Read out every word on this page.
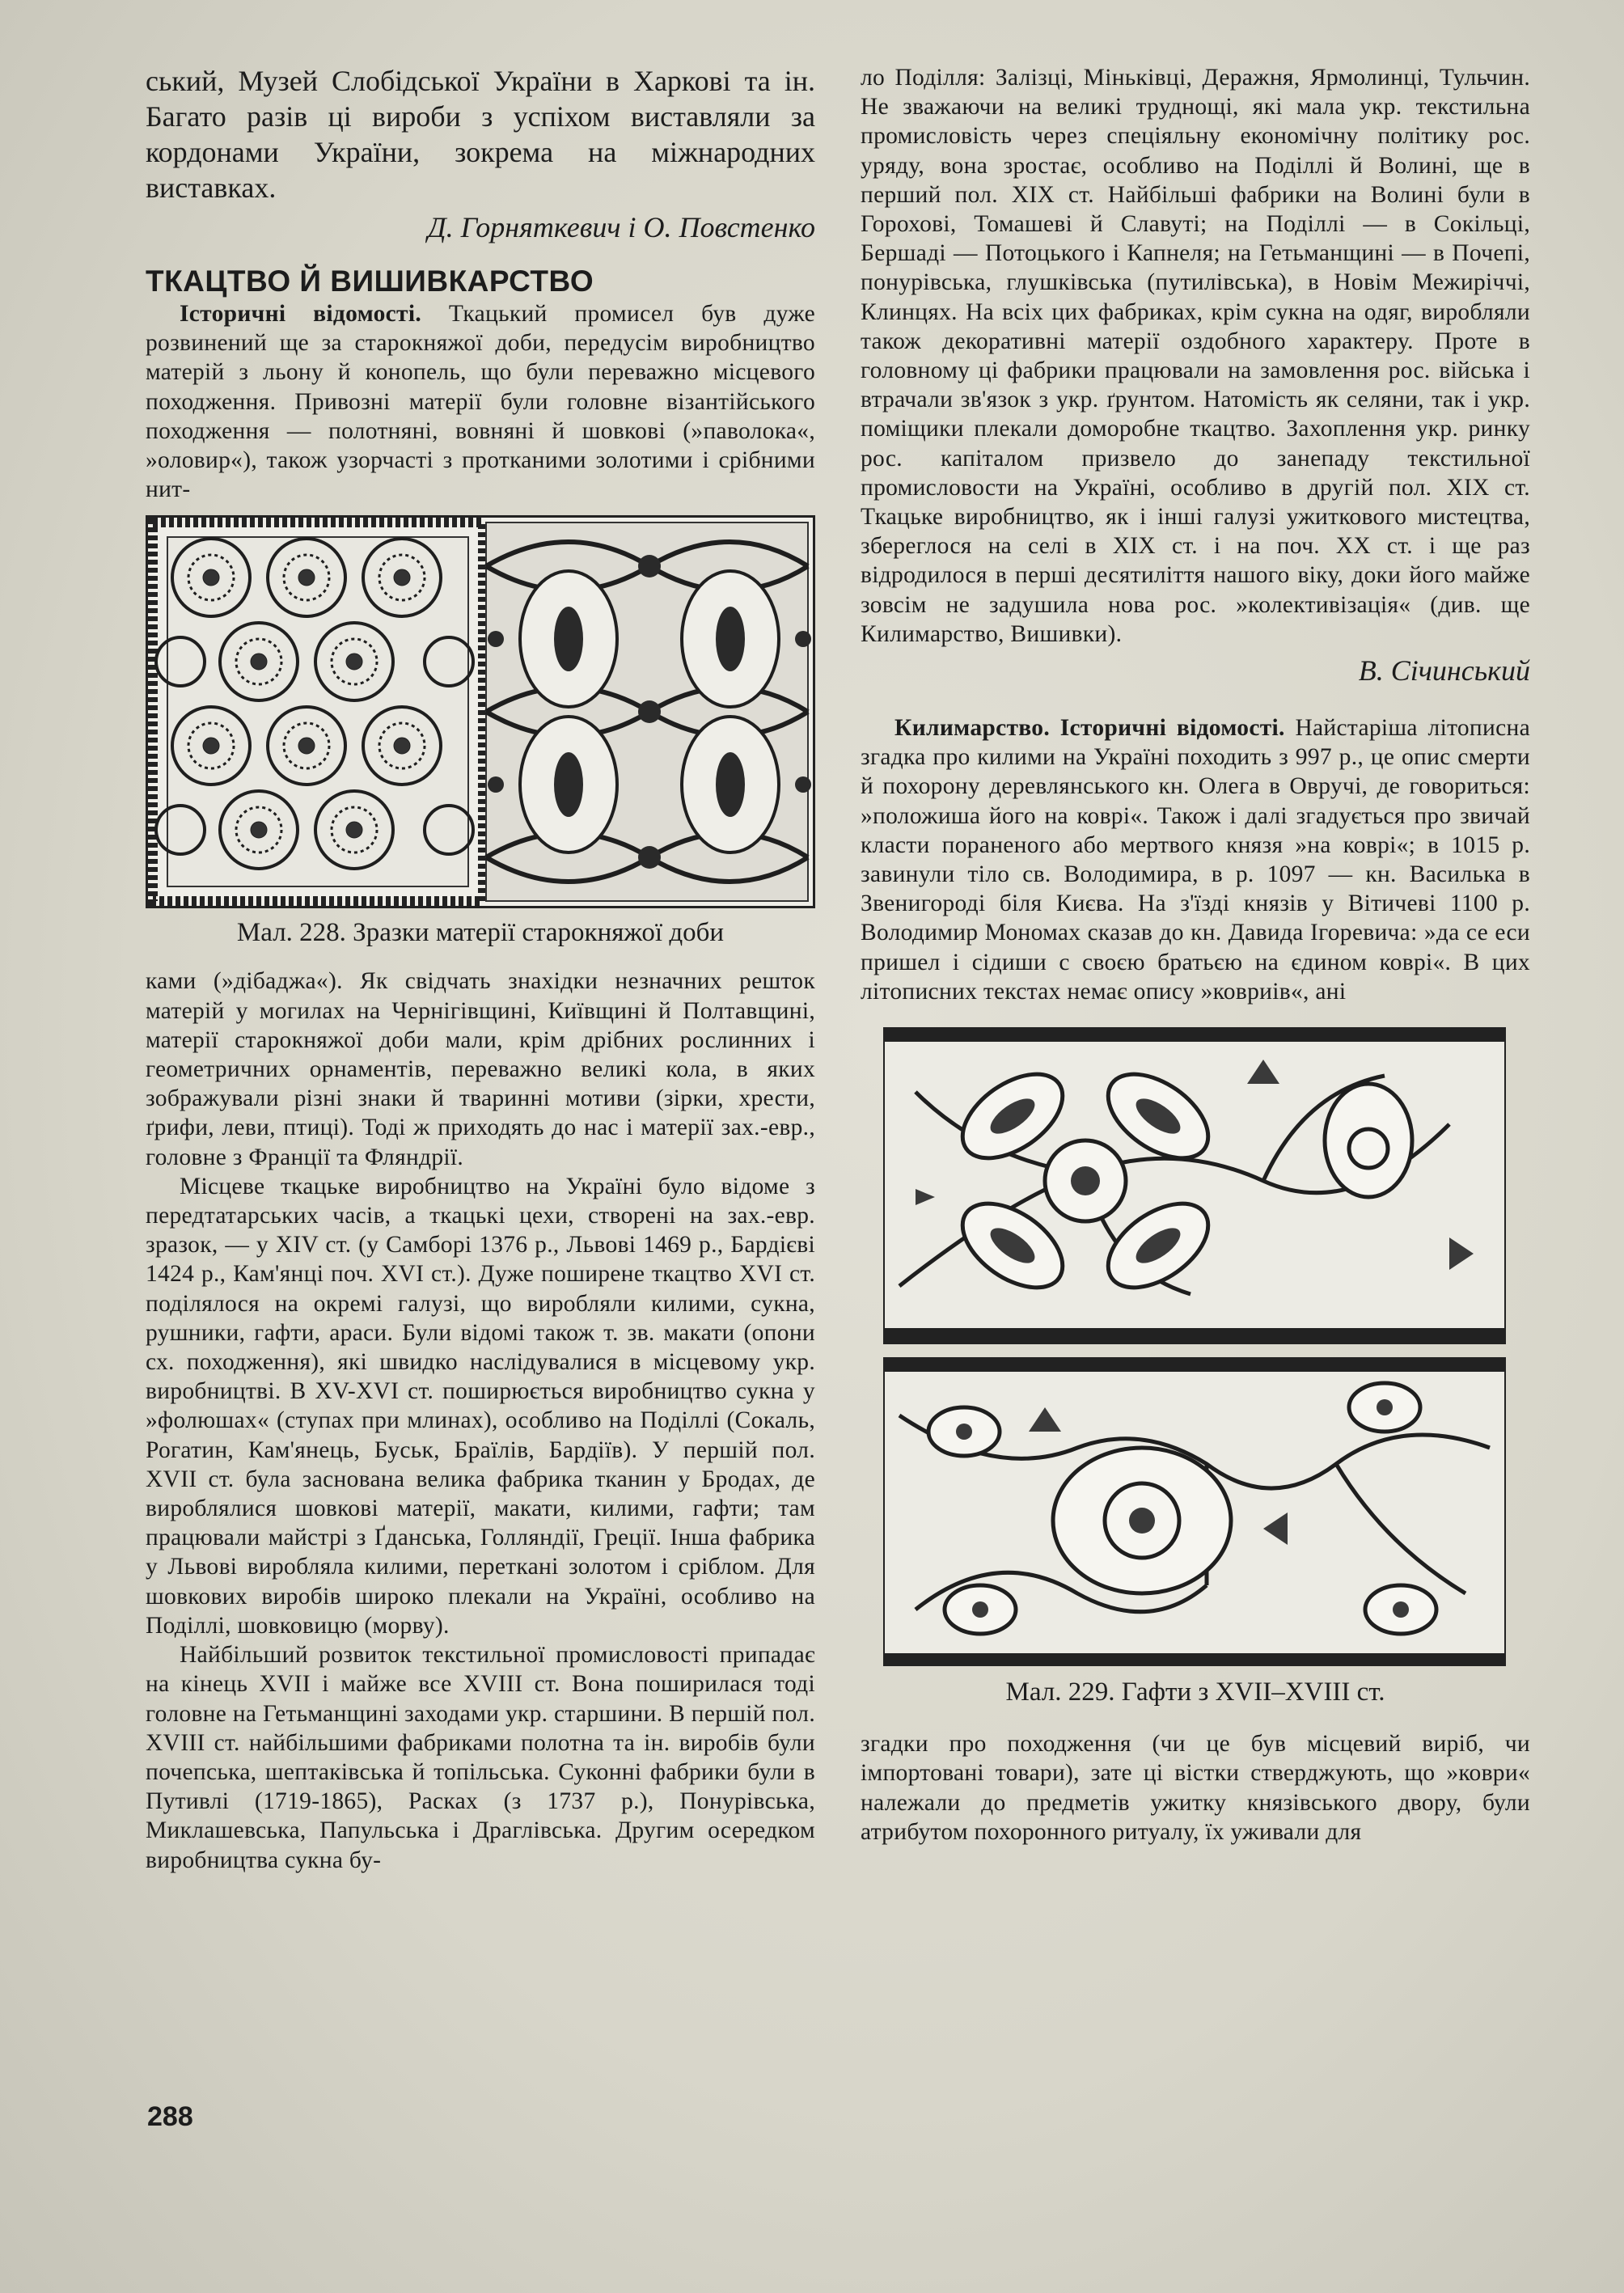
ський, Музей Слобідської України в Харкові та ін. Багато разів ці вироби з успіхом виставляли за кордонами України, зокрема на міжнародних виставках.

Д. Горняткевич і О. Повстенко

ТКАЦТВО Й ВИШИВКАРСТВО

Історичні відомості. Ткацький промисел був дуже розвинений ще за старокняжої доби, передусім виробництво матерій з льону й конопель, що були переважно місцевого походження. Привозні матерії були головне візантійського походження — полотняні, вовняні й шовкові (»паволока«, »оловир«), також узорчасті з протканими золотими і срібними нит-

Мал. 228. Зразки матерії старокняжої доби

ками (»дібаджа«). Як свідчать знахідки незначних решток матерій у могилах на Чернігівщині, Київщині й Полтавщині, матерії старокняжої доби мали, крім дрібних рослинних і геометричних орнаментів, переважно великі кола, в яких зображували різні знаки й тваринні мотиви (зірки, хрести, ґрифи, леви, птиці). Тоді ж приходять до нас і матерії зах.-евр., головне з Франції та Фляндрії.

Місцеве ткацьке виробництво на Україні було відоме з передтатарських часів, а ткацькі цехи, створені на зах.-евр. зразок, — у XIV ст. (у Самборі 1376 р., Львові 1469 р., Бардієві 1424 р., Кам'янці поч. XVI ст.). Дуже поширене ткацтво XVI ст. поділялося на окремі галузі, що виробляли килими, сукна, рушники, гафти, араси. Були відомі також т. зв. макати (опони сх. походження), які швидко наслідувалися в місцевому укр. виробництві. В XV-XVI ст. поширюється виробництво сукна у »фолюшах« (ступах при млинах), особливо на Поділлі (Сокаль, Рогатин, Кам'янець, Буськ, Браїлів, Бардіїв). У першій пол. XVII ст. була заснована велика фабрика тканин у Бродах, де вироблялися шовкові матерії, макати, килими, гафти; там працювали майстрі з Ґданська, Голляндії, Греції. Інша фабрика у Львові виробляла килими, перетканi золотом і сріблом. Для шовкових виробів широко плекали на Україні, особливо на Поділлі, шовковицю (морву).

Найбільший розвиток текстильної промисловості припадає на кінець XVII і майже все XVIII ст. Вона поширилася тоді головне на Гетьманщині заходами укр. старшини. В першій пол. XVIII ст. найбільшими фабриками полотна та ін. виробів були почепська, шептаківська й топільська. Суконні фабрики були в Путивлі (1719-1865), Расках (з 1737 р.), Понурівська, Миклашевська, Папульська і Драглівська. Другим осередком виробництва сукна бу-

ло Поділля: Залізці, Міньківці, Деражня, Ярмолинці, Тульчин. Не зважаючи на великі труднощі, які мала укр. текстильна промисловість через спеціяльну економічну політику рос. уряду, вона зростає, особливо на Поділлі й Волині, ще в перший пол. XIX ст. Найбільші фабрики на Волині були в Горохові, Томашеві й Славуті; на Поділлі — в Сокільці, Бершаді — Потоцького і Капнеля; на Гетьманщині — в Почепі, понурівська, глушківська (путилівська), в Новім Межиріччі, Клинцях. На всіх цих фабриках, крім сукна на одяг, виробляли також декоративні матерії оздобного характеру. Проте в головному ці фабрики працювали на замовлення рос. війська і втрачали зв'язок з укр. ґрунтом. Натомість як селяни, так і укр. поміщики плекали доморобне ткацтво. Захоплення укр. ринку рос. капіталом призвело до занепаду текстильної промисловости на Україні, особливо в другій пол. XIX ст. Ткацьке виробництво, як і інші галузі ужиткового мистецтва, збереглося на селі в XIX ст. і на поч. XX ст. і ще раз відродилося в перші десятиліття нашого віку, доки його майже зовсім не задушила нова рос. »колективізація« (див. ще Килимарство, Вишивки).

В. Січинський

Килимарство. Історичні відомості. Найстаріша літописна згадка про килими на Україні походить з 997 р., це опис смерти й похорону деревлянського кн. Олега в Овручі, де говориться: »положиша його на коврі«. Також і далі згадується про звичай класти пораненого або мертвого князя »на коврі«; в 1015 р. завинули тіло св. Володимира, в р. 1097 — кн. Василька в Звенигороді біля Києва. На з'їзді князів у Вітичеві 1100 р. Володимир Мономах сказав до кн. Давида Ігоревича: »да се еси пришел і сідиши с своєю братьєю на єдином коврі«. В цих літописних текстах немає опису »ковриів«, ані

Мал. 229. Гафти з XVII–XVIII ст.

згадки про походження (чи це був місцевий виріб, чи імпортовані товари), зате ці вістки стверджують, що »коври« належали до предметів ужитку князівського двору, були атрибутом похоронного ритуалу, їх уживали для

288
